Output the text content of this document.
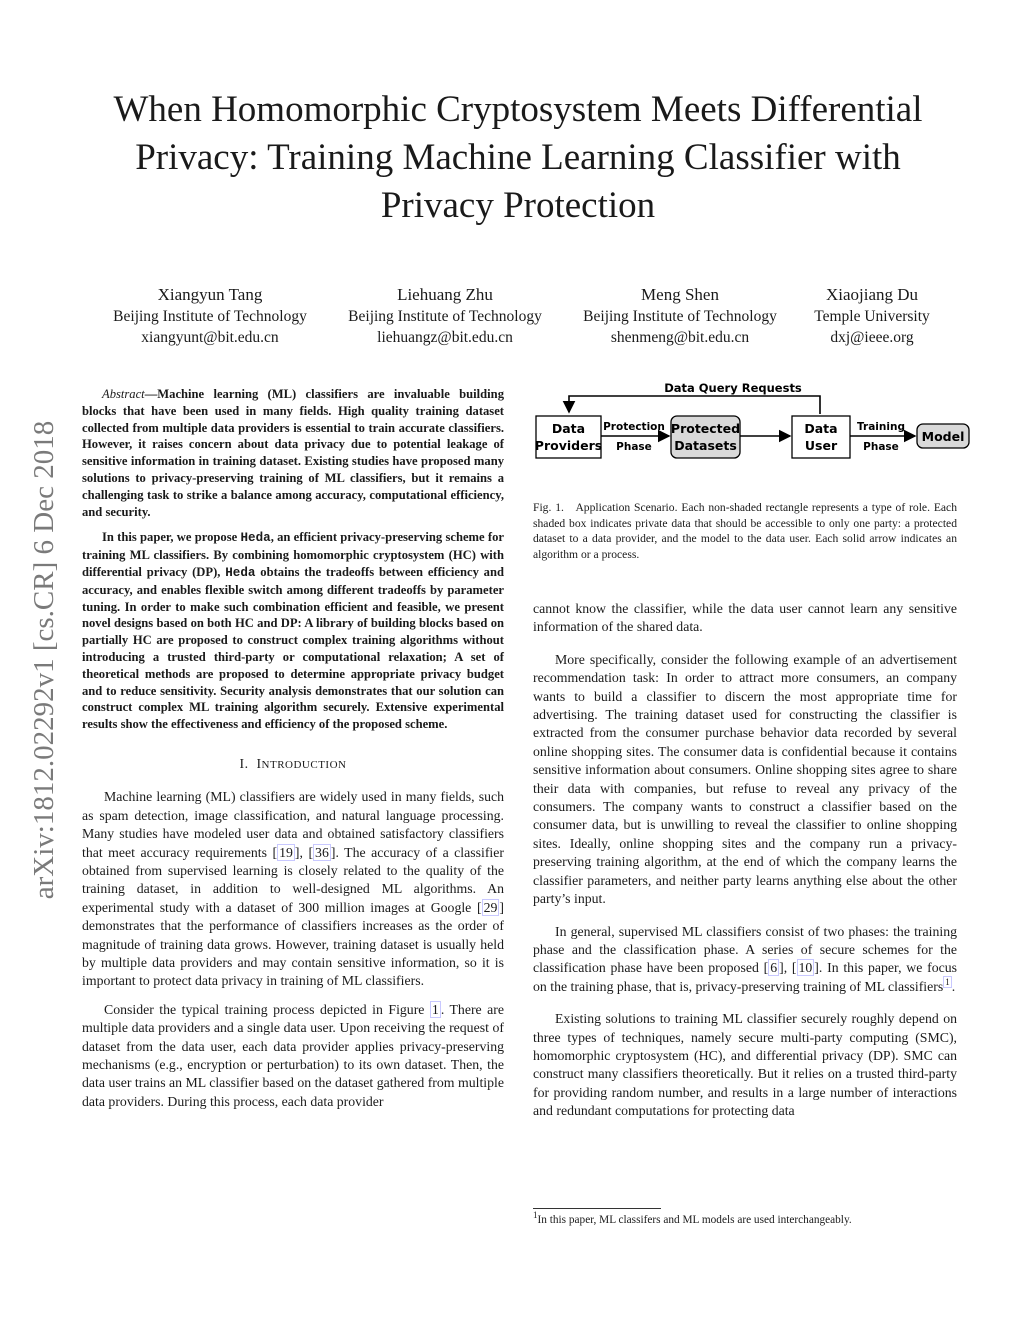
When Homomorphic Cryptosystem Meets Differential Privacy: Training Machine Learning Classifier with Privacy Protection
Xiangyun Tang
Beijing Institute of Technology
xiangyunt@bit.edu.cn
Liehuang Zhu
Beijing Institute of Technology
liehuangz@bit.edu.cn
Meng Shen
Beijing Institute of Technology
shenmeng@bit.edu.cn
Xiaojiang Du
Temple University
dxj@ieee.org
arXiv:1812.02292v1 [cs.CR] 6 Dec 2018

Abstract—Machine learning (ML) classifiers are invaluable building blocks that have been used in many fields. High quality training dataset collected from multiple data providers is essential to train accurate classifiers. However, it raises concern about data privacy due to potential leakage of sensitive information in training dataset. Existing studies have proposed many solutions to privacy-preserving training of ML classifiers, but it remains a challenging task to strike a balance among accuracy, computational efficiency, and security.

In this paper, we propose Heda, an efficient privacy-preserving scheme for training ML classifiers. By combining homomorphic cryptosystem (HC) with differential privacy (DP), Heda obtains the tradeoffs between efficiency and accuracy, and enables flexible switch among different tradeoffs by parameter tuning. In order to make such combination efficient and feasible, we present novel designs based on both HC and DP: A library of building blocks based on partially HC are proposed to construct complex training algorithms without introducing a trusted third-party or computational relaxation; A set of theoretical methods are proposed to determine appropriate privacy budget and to reduce sensitivity. Security analysis demonstrates that our solution can construct complex ML training algorithm securely. Extensive experimental results show the effectiveness and efficiency of the proposed scheme.

I. INTRODUCTION

Machine learning (ML) classifiers are widely used in many fields, such as spam detection, image classification, and natural language processing. Many studies have modeled user data and obtained satisfactory classifiers that meet accuracy requirements [ 19 ], [ 36 ]. The accuracy of a classifier obtained from supervised learning is closely related to the quality of the training dataset, in addition to well-designed ML algorithms. An experimental study with a dataset of 300 million images at Google [ 29 ] demonstrates that the performance of classifiers increases as the order of magnitude of training data grows. However, training dataset is usually held by multiple data providers and may contain sensitive information, so it is important to protect data privacy in training of ML classifiers.

Consider the typical training process depicted in Figure 1 . There are multiple data providers and a single data user. Upon receiving the request of dataset from the data user, each data provider applies privacy-preserving mechanisms (e.g., encryption or perturbation) to its own dataset. Then, the data user trains an ML classifier based on the dataset gathered from multiple data providers. During this process, each data provider

Data Query Requests
Data
Providers
Protection
Phase
Protected
Datasets
Data
User
Training
Phase
Model
Fig. 1. Application Scenario. Each non-shaded rectangle represents a type of role. Each shaded box indicates private data that should be accessible to only one party: a protected dataset to a data provider, and the model to the data user. Each solid arrow indicates an algorithm or a process.

cannot know the classifier, while the data user cannot learn any sensitive information of the shared data.

More specifically, consider the following example of an advertisement recommendation task: In order to attract more consumers, an company wants to build a classifier to discern the most appropriate time for advertising. The training dataset used for constructing the classifier is extracted from the consumer purchase behavior data recorded by several online shopping sites. The consumer data is confidential because it contains sensitive information about consumers. Online shopping sites agree to share their data with companies, but refuse to reveal any privacy of the consumers. The company wants to construct a classifier based on the consumer data, but is unwilling to reveal the classifier to online shopping sites. Ideally, online shopping sites and the company run a privacy-preserving training algorithm, at the end of which the company learns the classifier parameters, and neither party learns anything else about the other party’s input.

In general, supervised ML classifiers consist of two phases: the training phase and the classification phase. A series of secure schemes for the classification phase have been proposed [ 6 ], [ 10 ]. In this paper, we focus on the training phase, that is, privacy-preserving training of ML classifiers $^1$ .

Existing solutions to training ML classifier securely roughly depend on three types of techniques, namely secure multi-party computing (SMC), homomorphic cryptosystem (HC), and differential privacy (DP). SMC can construct many classifiers theoretically. But it relies on a trusted third-party for providing random number, and results in a large number of interactions and redundant computations for protecting data

$^1$In this paper, ML classifers and ML models are used interchangeably.
